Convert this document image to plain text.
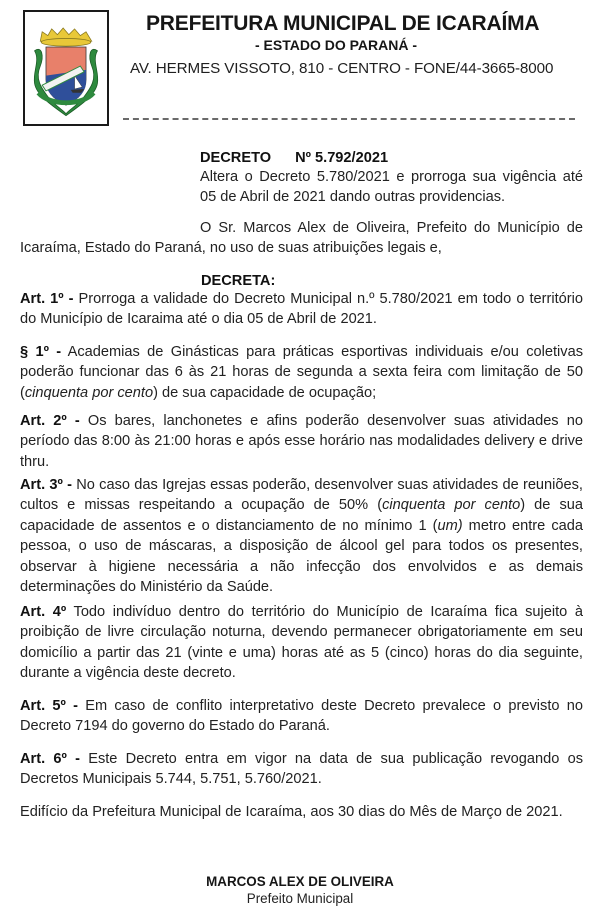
PREFEITURA MUNICIPAL DE ICARAÍMA
- ESTADO DO PARANÁ -
AV. HERMES VISSOTO, 810 - CENTRO - FONE/44-3665-8000
DECRETO Nº 5.792/2021
Altera o Decreto 5.780/2021 e prorroga sua vigência até 05 de Abril de 2021 dando outras providencias.
O Sr. Marcos Alex de Oliveira, Prefeito do Município de Icaraíma, Estado do Paraná, no uso de suas atribuições legais e,
DECRETA:
Art. 1º - Prorroga a validade do Decreto Municipal n.º 5.780/2021 em todo o território do Município de Icaraima até o dia 05 de Abril de 2021.
§ 1º - Academias de Ginásticas para práticas esportivas individuais e/ou coletivas poderão funcionar das 6 às 21 horas de segunda a sexta feira com limitação de 50 (cinquenta por cento) de sua capacidade de ocupação;
Art. 2º - Os bares, lanchonetes e afins poderão desenvolver suas atividades no período das 8:00 às 21:00 horas e após esse horário nas modalidades delivery e drive thru.
Art. 3º - No caso das Igrejas essas poderão, desenvolver suas atividades de reuniões, cultos e missas respeitando a ocupação de 50% (cinquenta por cento) de sua capacidade de assentos e o distanciamento de no mínimo 1 (um) metro entre cada pessoa, o uso de máscaras, a disposição de álcool gel para todos os presentes, observar à higiene necessária a não infecção dos envolvidos e as demais determinações do Ministério da Saúde.
Art. 4º Todo indivíduo dentro do território do Município de Icaraíma fica sujeito à proibição de livre circulação noturna, devendo permanecer obrigatoriamente em seu domicílio a partir das 21 (vinte e uma) horas até as 5 (cinco) horas do dia seguinte, durante a vigência deste decreto.
Art. 5º - Em caso de conflito interpretativo deste Decreto prevalece o previsto no Decreto 7194 do governo do Estado do Paraná.
Art. 6º - Este Decreto entra em vigor na data de sua publicação revogando os Decretos Municipais 5.744, 5.751, 5.760/2021.
Edifício da Prefeitura Municipal de Icaraíma, aos 30 dias do Mês de Março de 2021.
MARCOS ALEX DE OLIVEIRA
Prefeito Municipal
